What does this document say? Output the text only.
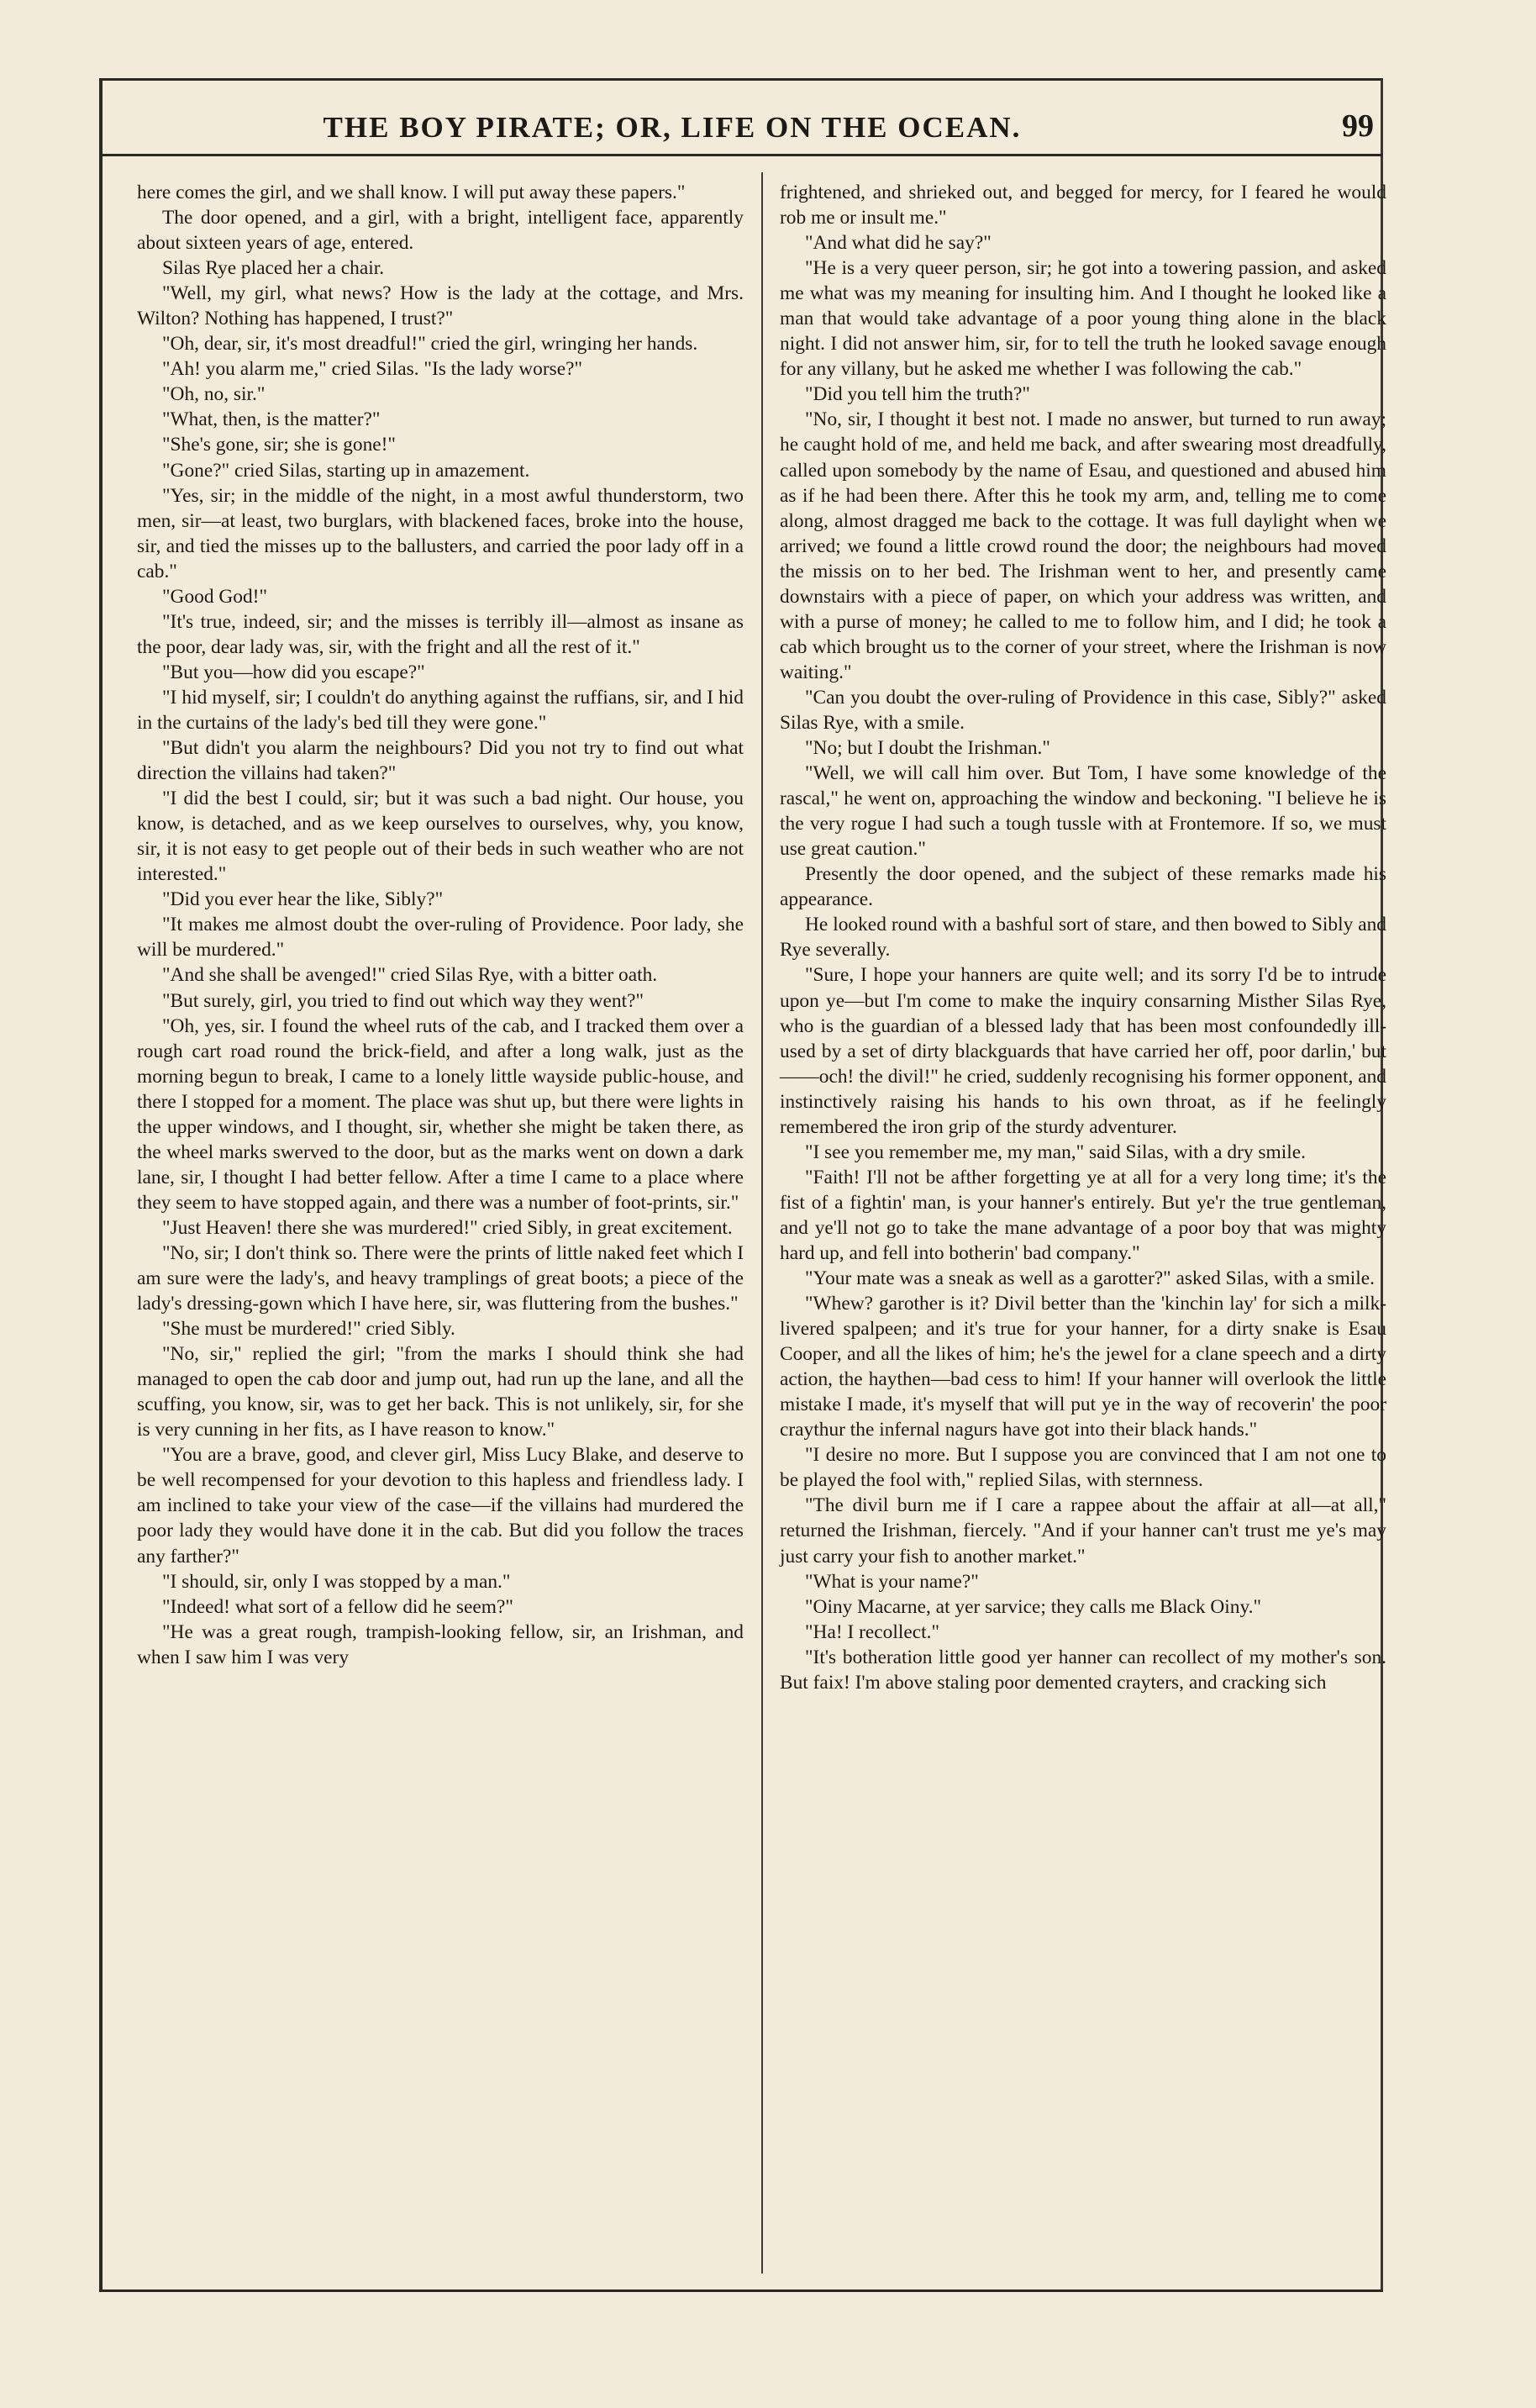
THE BOY PIRATE; OR, LIFE ON THE OCEAN.	99

here comes the girl, and we shall know. I will put away these papers."

The door opened, and a girl, with a bright, intelligent face, apparently about sixteen years of age, entered.

Silas Rye placed her a chair.

"Well, my girl, what news? How is the lady at the cottage, and Mrs. Wilton? Nothing has happened, I trust?"

"Oh, dear, sir, it's most dreadful!" cried the girl, wringing her hands.

"Ah! you alarm me," cried Silas. "Is the lady worse?"

"Oh, no, sir."

"What, then, is the matter?"

"She's gone, sir; she is gone!"

"Gone?" cried Silas, starting up in amazement.

"Yes, sir; in the middle of the night, in a most awful thunderstorm, two men, sir—at least, two burglars, with blackened faces, broke into the house, sir, and tied the misses up to the ballusters, and carried the poor lady off in a cab."

"Good God!"

"It's true, indeed, sir; and the misses is terribly ill—almost as insane as the poor, dear lady was, sir, with the fright and all the rest of it."

"But you—how did you escape?"

"I hid myself, sir; I couldn't do anything against the ruffians, sir, and I hid in the curtains of the lady's bed till they were gone."

"But didn't you alarm the neighbours? Did you not try to find out what direction the villains had taken?"

"I did the best I could, sir; but it was such a bad night. Our house, you know, is detached, and as we keep ourselves to ourselves, why, you know, sir, it is not easy to get people out of their beds in such weather who are not interested."

"Did you ever hear the like, Sibly?"

"It makes me almost doubt the over-ruling of Providence. Poor lady, she will be murdered."

"And she shall be avenged!" cried Silas Rye, with a bitter oath.

"But surely, girl, you tried to find out which way they went?"

"Oh, yes, sir. I found the wheel ruts of the cab, and I tracked them over a rough cart road round the brick-field, and after a long walk, just as the morning begun to break, I came to a lonely little wayside public-house, and there I stopped for a moment. The place was shut up, but there were lights in the upper windows, and I thought, sir, whether she might be taken there, as the wheel marks swerved to the door, but as the marks went on down a dark lane, sir, I thought I had better fellow. After a time I came to a place where they seem to have stopped again, and there was a number of foot-prints, sir."

"Just Heaven! there she was murdered!" cried Sibly, in great excitement.

"No, sir; I don't think so. There were the prints of little naked feet which I am sure were the lady's, and heavy tramplings of great boots; a piece of the lady's dressing-gown which I have here, sir, was fluttering from the bushes."

"She must be murdered!" cried Sibly.

"No, sir," replied the girl; "from the marks I should think she had managed to open the cab door and jump out, had run up the lane, and all the scuffing, you know, sir, was to get her back. This is not unlikely, sir, for she is very cunning in her fits, as I have reason to know."

"You are a brave, good, and clever girl, Miss Lucy Blake, and deserve to be well recompensed for your devotion to this hapless and friendless lady. I am inclined to take your view of the case—if the villains had murdered the poor lady they would have done it in the cab. But did you follow the traces any farther?"

"I should, sir, only I was stopped by a man."

"Indeed! what sort of a fellow did he seem?"

"He was a great rough, trampish-looking fellow, sir, an Irishman, and when I saw him I was very

frightened, and shrieked out, and begged for mercy, for I feared he would rob me or insult me."

"And what did he say?"

"He is a very queer person, sir; he got into a towering passion, and asked me what was my meaning for insulting him. And I thought he looked like a man that would take advantage of a poor young thing alone in the black night. I did not answer him, sir, for to tell the truth he looked savage enough for any villany, but he asked me whether I was following the cab."

"Did you tell him the truth?"

"No, sir, I thought it best not. I made no answer, but turned to run away; he caught hold of me, and held me back, and after swearing most dreadfully, called upon somebody by the name of Esau, and questioned and abused him as if he had been there. After this he took my arm, and, telling me to come along, almost dragged me back to the cottage. It was full daylight when we arrived; we found a little crowd round the door; the neighbours had moved the missis on to her bed. The Irishman went to her, and presently came downstairs with a piece of paper, on which your address was written, and with a purse of money; he called to me to follow him, and I did; he took a cab which brought us to the corner of your street, where the Irishman is now waiting."

"Can you doubt the over-ruling of Providence in this case, Sibly?" asked Silas Rye, with a smile.

"No; but I doubt the Irishman."

"Well, we will call him over. But Tom, I have some knowledge of the rascal," he went on, approaching the window and beckoning. "I believe he is the very rogue I had such a tough tussle with at Frontemore. If so, we must use great caution."

Presently the door opened, and the subject of these remarks made his appearance.

He looked round with a bashful sort of stare, and then bowed to Sibly and Rye severally.

"Sure, I hope your hanners are quite well; and its sorry I'd be to intrude upon ye—but I'm come to make the inquiry consarning Misther Silas Rye, who is the guardian of a blessed lady that has been most confoundedly ill-used by a set of dirty blackguards that have carried her off, poor darlin,' but——och! the divil!" he cried, suddenly recognising his former opponent, and instinctively raising his hands to his own throat, as if he feelingly remembered the iron grip of the sturdy adventurer.

"I see you remember me, my man," said Silas, with a dry smile.

"Faith! I'll not be afther forgetting ye at all for a very long time; it's the fist of a fightin' man, is your hanner's entirely. But ye'r the true gentleman, and ye'll not go to take the mane advantage of a poor boy that was mighty hard up, and fell into botherin' bad company."

"Your mate was a sneak as well as a garotter?" asked Silas, with a smile.

"Whew? garother is it? Divil better than the 'kinchin lay' for sich a milk-livered spalpeen; and it's true for your hanner, for a dirty snake is Esau Cooper, and all the likes of him; he's the jewel for a clane speech and a dirty action, the haythen—bad cess to him! If your hanner will overlook the little mistake I made, it's myself that will put ye in the way of recoverin' the poor craythur the infernal nagurs have got into their black hands."

"I desire no more. But I suppose you are convinced that I am not one to be played the fool with," replied Silas, with sternness.

"The divil burn me if I care a rappee about the affair at all—at all," returned the Irishman, fiercely. "And if your hanner can't trust me ye's may just carry your fish to another market."

"What is your name?"

"Oiny Macarne, at yer sarvice; they calls me Black Oiny."

"Ha! I recollect."

"It's botheration little good yer hanner can recollect of my mother's son. But faix! I'm above staling poor demented crayters, and cracking sich
